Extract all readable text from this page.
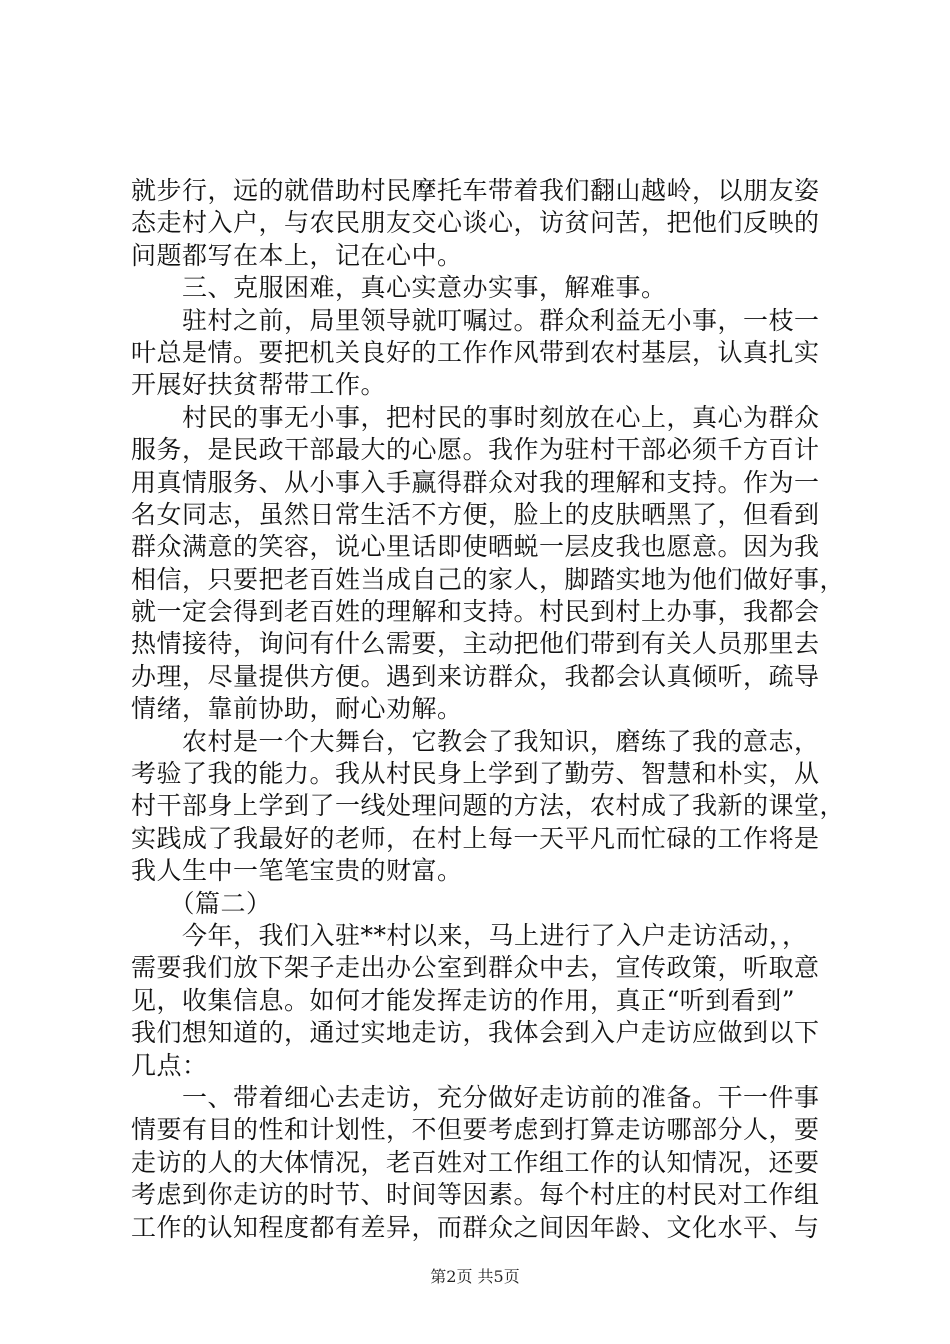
就步行，远的就借助村民摩托车带着我们翻山越岭，以朋友姿
态走村入户，与农民朋友交心谈心，访贫问苦，把他们反映的
问题都写在本上，记在心中。
　　三、克服困难，真心实意办实事，解难事。
　　驻村之前，局里领导就叮嘱过。群众利益无小事，一枝一
叶总是情。要把机关良好的工作作风带到农村基层，认真扎实
开展好扶贫帮带工作。
　　村民的事无小事，把村民的事时刻放在心上，真心为群众
服务，是民政干部最大的心愿。我作为驻村干部必须千方百计
用真情服务、从小事入手赢得群众对我的理解和支持。作为一
名女同志，虽然日常生活不方便，脸上的皮肤晒黑了，但看到
群众满意的笑容，说心里话即使晒蜕一层皮我也愿意。因为我
相信，只要把老百姓当成自己的家人，脚踏实地为他们做好事，
就一定会得到老百姓的理解和支持。村民到村上办事，我都会
热情接待，询问有什么需要，主动把他们带到有关人员那里去
办理，尽量提供方便。遇到来访群众，我都会认真倾听，疏导
情绪，靠前协助，耐心劝解。
　　农村是一个大舞台，它教会了我知识，磨练了我的意志，
考验了我的能力。我从村民身上学到了勤劳、智慧和朴实，从
村干部身上学到了一线处理问题的方法，农村成了我新的课堂，
实践成了我最好的老师，在村上每一天平凡而忙碌的工作将是
我人生中一笔笔宝贵的财富。
　　（篇二）
　　今年，我们入驻**村以来，马上进行了入户走访活动，，
需要我们放下架子走出办公室到群众中去，宣传政策，听取意
见，收集信息。如何才能发挥走访的作用，真正“听到看到”
我们想知道的，通过实地走访，我体会到入户走访应做到以下
几点：
　　一、带着细心去走访，充分做好走访前的准备。干一件事
情要有目的性和计划性，不但要考虑到打算走访哪部分人，要
走访的人的大体情况，老百姓对工作组工作的认知情况，还要
考虑到你走访的时节、时间等因素。每个村庄的村民对工作组
工作的认知程度都有差异，而群众之间因年龄、文化水平、与
第2页 共5页
